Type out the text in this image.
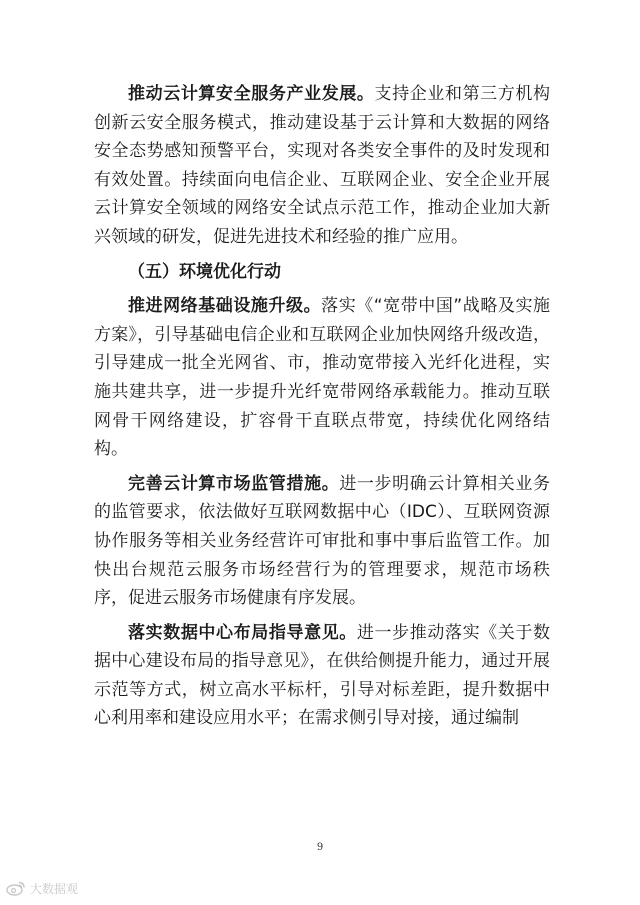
推动云计算安全服务产业发展。支持企业和第三方机构创新云安全服务模式，推动建设基于云计算和大数据的网络安全态势感知预警平台，实现对各类安全事件的及时发现和有效处置。持续面向电信企业、互联网企业、安全企业开展云计算安全领域的网络安全试点示范工作，推动企业加大新兴领域的研发，促进先进技术和经验的推广应用。

（五）环境优化行动

推进网络基础设施升级。落实《“宽带中国”战略及实施方案》，引导基础电信企业和互联网企业加快网络升级改造，引导建成一批全光网省、市，推动宽带接入光纤化进程，实施共建共享，进一步提升光纤宽带网络承载能力。推动互联网骨干网络建设，扩容骨干直联点带宽，持续优化网络结构。

完善云计算市场监管措施。进一步明确云计算相关业务的监管要求，依法做好互联网数据中心（IDC）、互联网资源协作服务等相关业务经营许可审批和事中事后监管工作。加快出台规范云服务市场经营行为的管理要求，规范市场秩序，促进云服务市场健康有序发展。

落实数据中心布局指导意见。进一步推动落实《关于数据中心建设布局的指导意见》，在供给侧提升能力，通过开展示范等方式，树立高水平标杆，引导对标差距，提升数据中心利用率和建设应用水平；在需求侧引导对接，通过编制

9
大数据观
